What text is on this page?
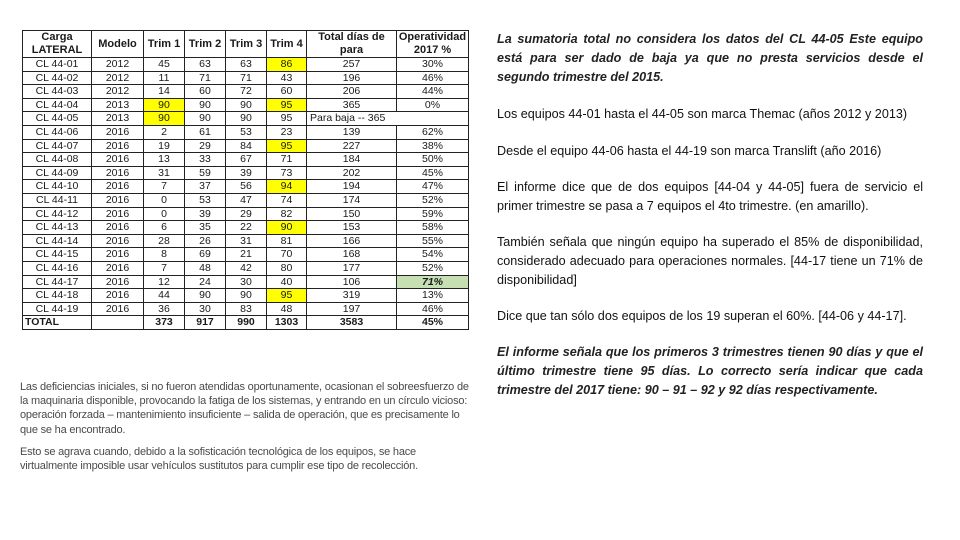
Carga LATERAL	Modelo	Trim 1	Trim 2	Trim 3	Trim 4	Total días de para	Operatividad 2017 %
CL 44-01	2012	45	63	63	86	257	30%
CL 44-02	2012	11	71	71	43	196	46%
CL 44-03	2012	14	60	72	60	206	44%
CL 44-04	2013	90	90	90	95	365	0%
CL 44-05	2013	90	90	90	95	Para baja -- 365	
CL 44-06	2016	2	61	53	23	139	62%
CL 44-07	2016	19	29	84	95	227	38%
CL 44-08	2016	13	33	67	71	184	50%
CL 44-09	2016	31	59	39	73	202	45%
CL 44-10	2016	7	37	56	94	194	47%
CL 44-11	2016	0	53	47	74	174	52%
CL 44-12	2016	0	39	29	82	150	59%
CL 44-13	2016	6	35	22	90	153	58%
CL 44-14	2016	28	26	31	81	166	55%
CL 44-15	2016	8	69	21	70	168	54%
CL 44-16	2016	7	48	42	80	177	52%
CL 44-17	2016	12	24	30	40	106	71%
CL 44-18	2016	44	90	90	95	319	13%
CL 44-19	2016	36	30	83	48	197	46%
TOTAL		373	917	990	1303	3583	45%

Las deficiencias iniciales, si no fueron atendidas oportunamente, ocasionan el sobreesfuerzo de la maquinaria disponible, provocando la fatiga de los sistemas, y entrando en un círculo vicioso: operación forzada – mantenimiento insuficiente – salida de operación, que es precisamente lo que se ha encontrado.

Esto se agrava cuando, debido a la sofisticación tecnológica de los equipos, se hace virtualmente imposible usar vehículos sustitutos para cumplir ese tipo de recolección.

La sumatoria total no considera los datos del CL 44-05 Este equipo está para ser dado de baja ya que no presta servicios desde el segundo trimestre del 2015.

Los equipos 44-01 hasta el 44-05 son marca Themac (años 2012 y 2013)

Desde el equipo 44-06 hasta el 44-19 son marca Translift (año 2016)

El informe dice que de dos equipos [44-04 y 44-05] fuera de servicio el primer trimestre se pasa a 7 equipos el 4to trimestre. (en amarillo).

También señala que ningún equipo ha superado el 85% de disponibilidad, considerado adecuado para operaciones normales. [44-17 tiene un 71% de disponibilidad]

Dice que tan sólo dos equipos de los 19 superan el 60%. [44-06 y 44-17].

El informe señala que los primeros 3 trimestres tienen 90 días y que el último trimestre tiene 95 días. Lo correcto sería indicar que cada trimestre del 2017 tiene: 90 – 91 – 92 y 92 días respectivamente.
